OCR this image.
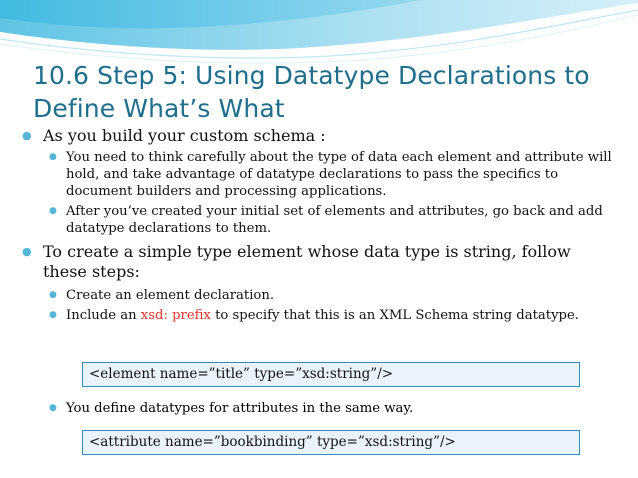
10.6 Step 5: Using Datatype Declarations to Define What’s What
● As you build your custom schema :
● You need to think carefully about the type of data each element and attribute will hold, and take advantage of datatype declarations to pass the specifics to document builders and processing applications.
● After you’ve created your initial set of elements and attributes, go back and add datatype declarations to them.
● To create a simple type element whose data type is string, follow these steps:
● Create an element declaration.
● Include an xsd: prefix to specify that this is an XML Schema string datatype.
<element name=”title” type=”xsd:string”/>
● You define datatypes for attributes in the same way.
<attribute name=”bookbinding” type=”xsd:string”/>
